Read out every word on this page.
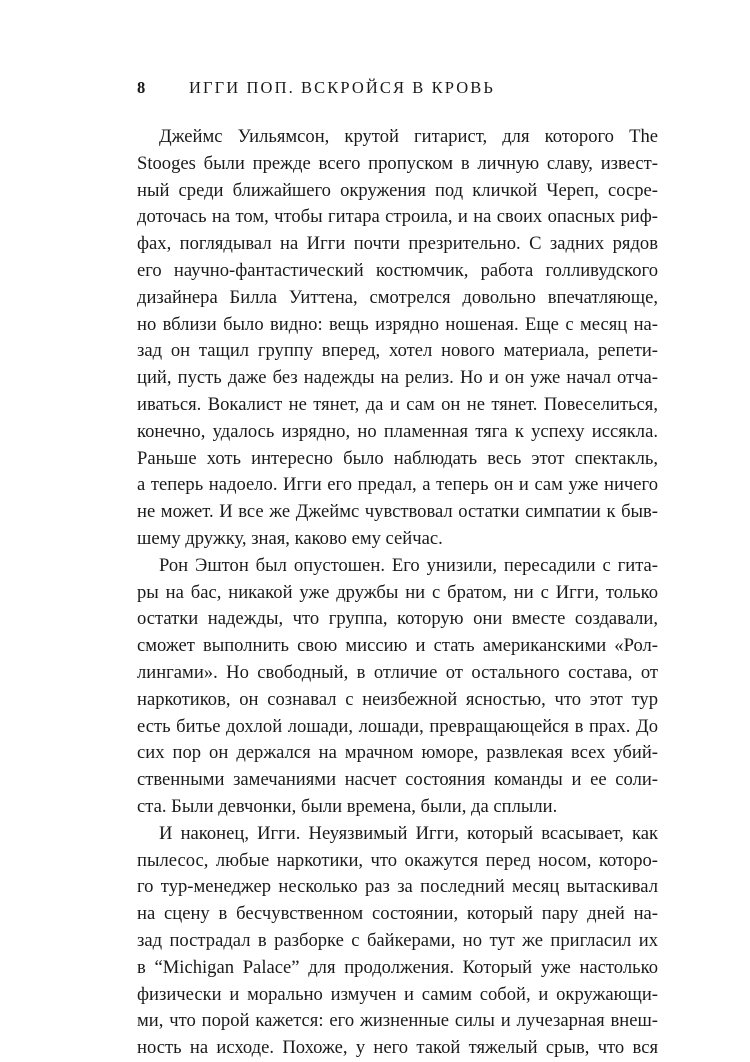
8	ИГГИ ПОП. ВСКРОЙСЯ В КРОВЬ
Джеймс Уильямсон, крутой гитарист, для которого The
Stooges были прежде всего пропуском в личную славу, извест-
ный среди ближайшего окружения под кличкой Череп, сосре-
доточась на том, чтобы гитара строила, и на своих опасных риф-
фах, поглядывал на Игги почти презрительно. С задних рядов
его научно-фантастический костюмчик, работа голливудского
дизайнера Билла Уиттена, смотрелся довольно впечатляюще,
но вблизи было видно: вещь изрядно ношеная. Еще с месяц на-
зад он тащил группу вперед, хотел нового материала, репети-
ций, пусть даже без надежды на релиз. Но и он уже начал отча-
иваться. Вокалист не тянет, да и сам он не тянет. Повеселиться,
конечно, удалось изрядно, но пламенная тяга к успеху иссякла.
Раньше хоть интересно было наблюдать весь этот спектакль,
а теперь надоело. Игги его предал, а теперь он и сам уже ничего
не может. И все же Джеймс чувствовал остатки симпатии к быв-
шему дружку, зная, каково ему сейчас.
Рон Эштон был опустошен. Его унизили, пересадили с гита-
ры на бас, никакой уже дружбы ни с братом, ни с Игги, только
остатки надежды, что группа, которую они вместе создавали,
сможет выполнить свою миссию и стать американскими «Рол-
лингами». Но свободный, в отличие от остального состава, от
наркотиков, он сознавал с неизбежной ясностью, что этот тур
есть битье дохлой лошади, лошади, превращающейся в прах. До
сих пор он держался на мрачном юморе, развлекая всех убий-
ственными замечаниями насчет состояния команды и ее соли-
ста. Были девчонки, были времена, были, да сплыли.
И наконец, Игги. Неуязвимый Игги, который всасывает, как
пылесос, любые наркотики, что окажутся перед носом, которо-
го тур-менеджер несколько раз за последний месяц вытаскивал
на сцену в бесчувственном состоянии, который пару дней на-
зад пострадал в разборке с байкерами, но тут же пригласил их
в “Michigan Palace” для продолжения. Который уже настолько
физически и морально измучен и самим собой, и окружающи-
ми, что порой кажется: его жизненные силы и лучезарная внеш-
ность на исходе. Похоже, у него такой тяжелый срыв, что вся
